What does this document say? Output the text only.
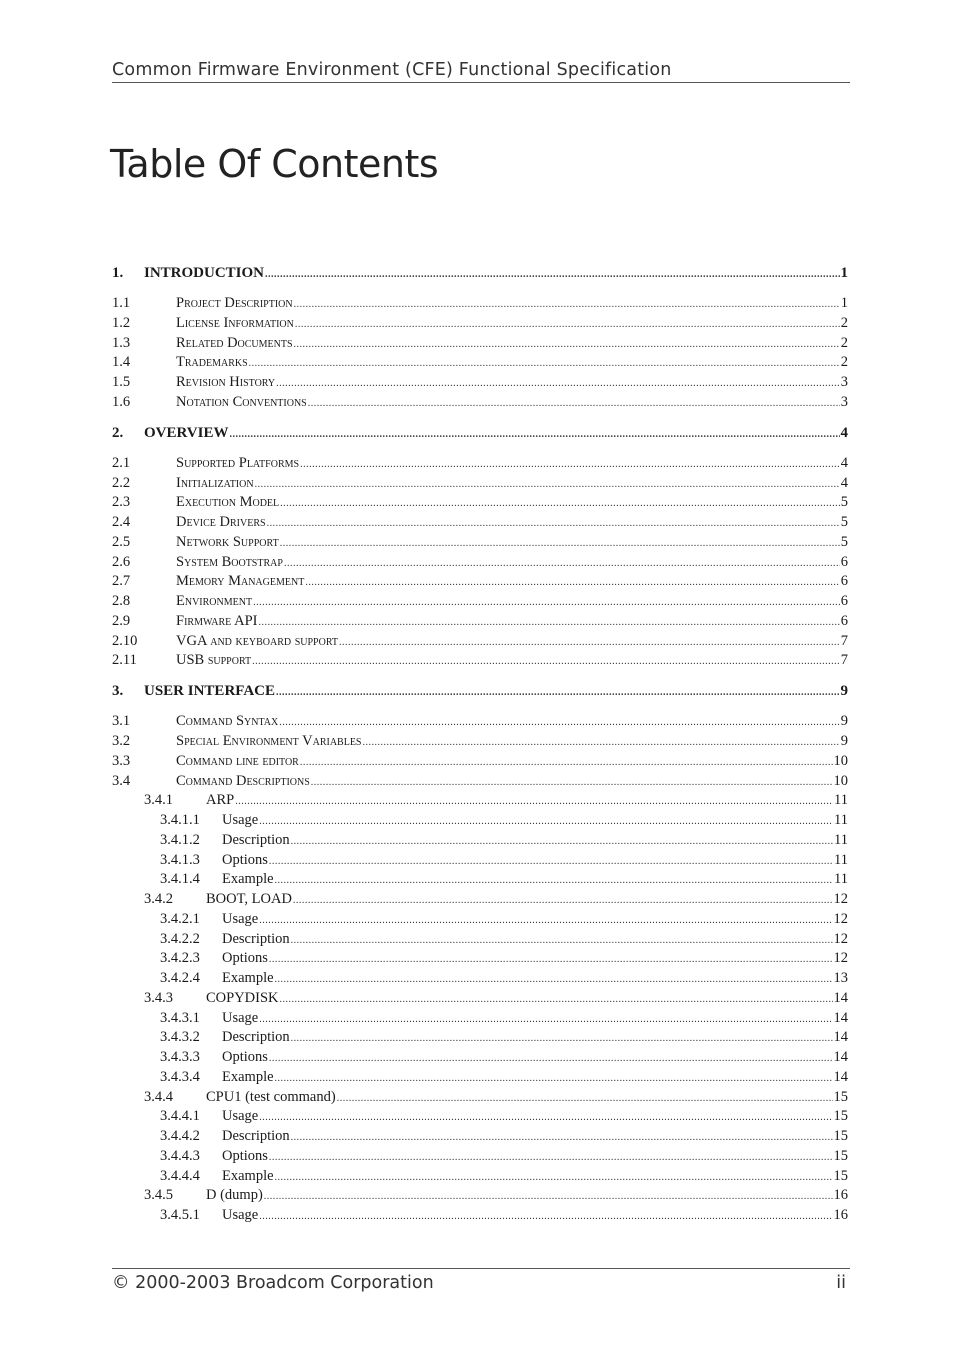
Common Firmware Environment (CFE) Functional Specification
Table Of Contents
1.	INTRODUCTION .....	1
1.1	Project Description .....	1
1.2	License Information .....	2
1.3	Related Documents .....	2
1.4	Trademarks .....	2
1.5	Revision History .....	3
1.6	Notation Conventions .....	3
2.	OVERVIEW .....	4
2.1	Supported Platforms .....	4
2.2	Initialization .....	4
2.3	Execution Model .....	5
2.4	Device Drivers .....	5
2.5	Network Support .....	5
2.6	System Bootstrap .....	6
2.7	Memory Management .....	6
2.8	Environment .....	6
2.9	Firmware API .....	6
2.10	VGA and keyboard support .....	7
2.11	USB support .....	7
3.	USER INTERFACE .....	9
3.1	Command Syntax .....	9
3.2	Special Environment Variables .....	9
3.3	Command line editor .....	10
3.4	Command Descriptions .....	10
3.4.1	ARP .....	11
3.4.1.1	Usage .....	11
3.4.1.2	Description .....	11
3.4.1.3	Options .....	11
3.4.1.4	Example .....	11
3.4.2	BOOT, LOAD .....	12
3.4.2.1	Usage .....	12
3.4.2.2	Description .....	12
3.4.2.3	Options .....	12
3.4.2.4	Example .....	13
3.4.3	COPYDISK .....	14
3.4.3.1	Usage .....	14
3.4.3.2	Description .....	14
3.4.3.3	Options .....	14
3.4.3.4	Example .....	14
3.4.4	CPU1 (test command) .....	15
3.4.4.1	Usage .....	15
3.4.4.2	Description .....	15
3.4.4.3	Options .....	15
3.4.4.4	Example .....	15
3.4.5	D (dump) .....	16
3.4.5.1	Usage .....	16
© 2000-2003 Broadcom Corporation	ii
